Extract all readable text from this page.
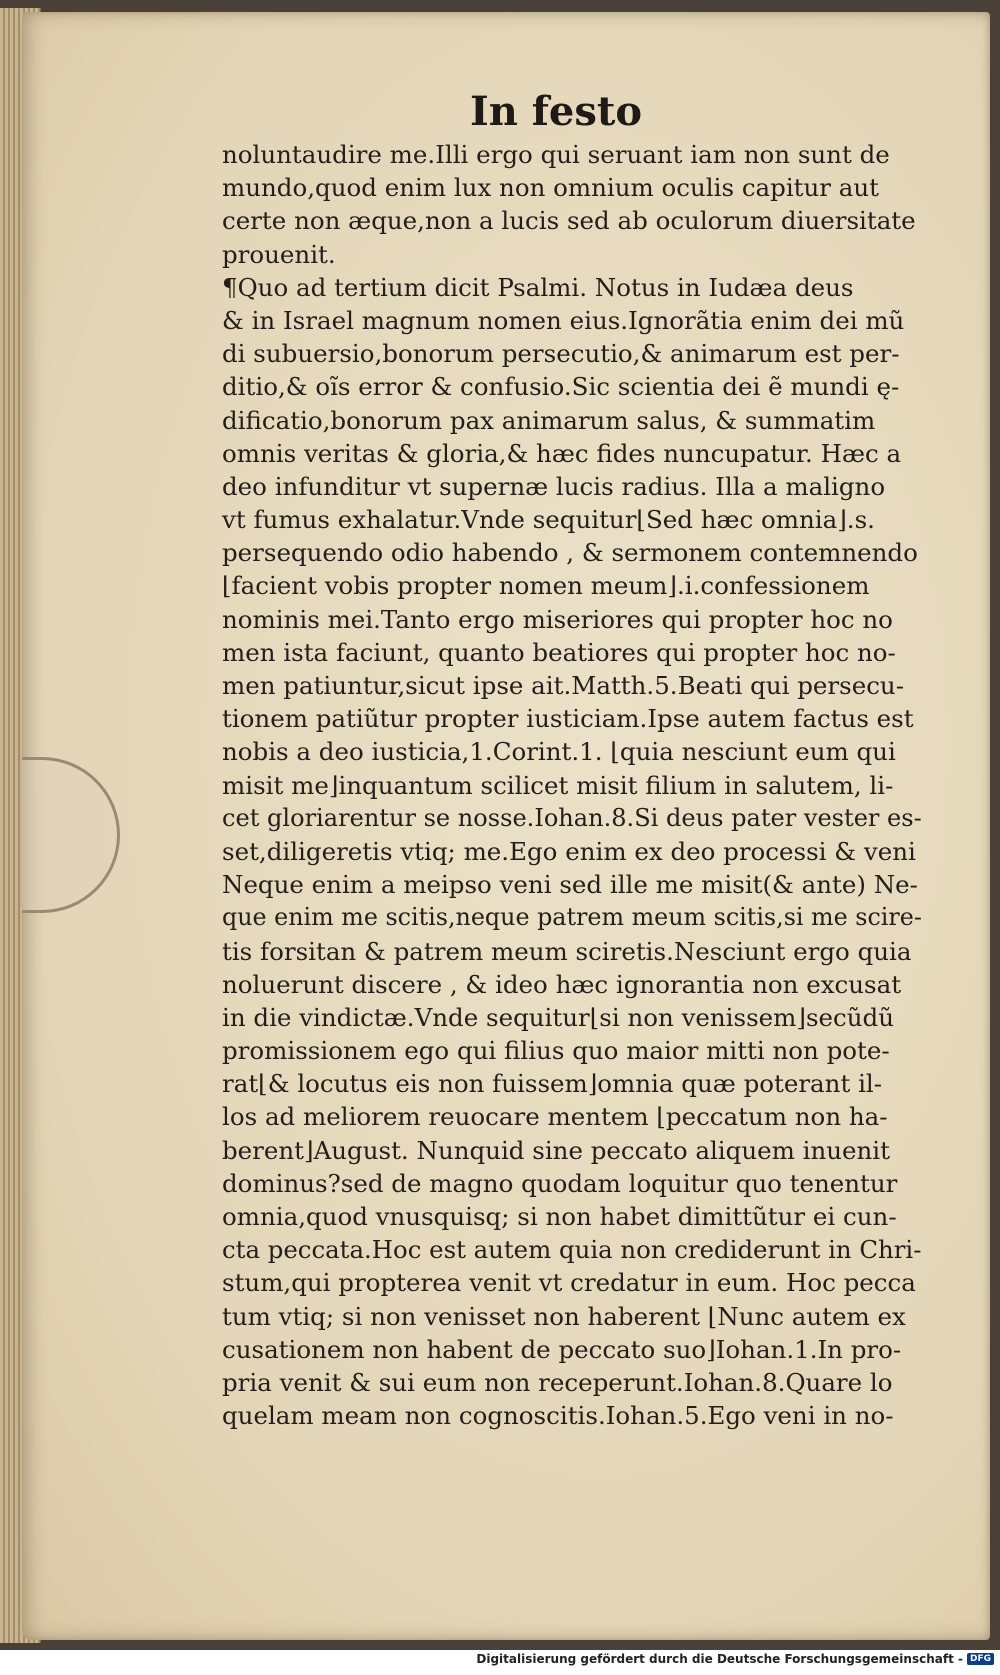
In festo
noluntaudire me.Illi ergo qui seruant iam non sunt de
mundo,quod enim lux non omnium oculis capitur aut
certe non æque,non a lucis sed ab oculorum diuersitate
prouenit.
¶Quo ad tertium dicit Psalmi. Notus in Iudæa deus
& in Israel magnum nomen eius.Ignorãtia enim dei mũ
di subuersio,bonorum persecutio,& animarum est per-
ditio,& oĩs error & confusio.Sic scientia dei ẽ mundi ę-
dificatio,bonorum pax animarum salus, & summatim
omnis veritas & gloria,& hæc fides nuncupatur. Hæc a
deo infunditur vt supernæ lucis radius. Illa a maligno
vt fumus exhalatur.Vnde sequitur⌊Sed hæc omnia⌋.s.
persequendo odio habendo , & sermonem contemnendo
⌊facient vobis propter nomen meum⌋.i.confessionem
nominis mei.Tanto ergo miseriores qui propter hoc no
men ista faciunt, quanto beatiores qui propter hoc no-
men patiuntur,sicut ipse ait.Matth.5.Beati qui persecu-
tionem patiũtur propter iusticiam.Ipse autem factus est
nobis a deo iusticia,1.Corint.1. ⌊quia nesciunt eum qui
misit me⌋inquantum scilicet misit filium in salutem, li-
cet gloriarentur se nosse.Iohan.8.Si deus pater vester es-
set,diligeretis vtiq; me.Ego enim ex deo processi & veni
Neque enim a meipso veni sed ille me misit(& ante) Ne-
que enim me scitis,neque patrem meum scitis,si me scire-
tis forsitan & patrem meum sciretis.Nesciunt ergo quia
noluerunt discere , & ideo hæc ignorantia non excusat
in die vindictæ.Vnde sequitur⌊si non venissem⌋secũdũ
promissionem ego qui filius quo maior mitti non pote-
rat⌊& locutus eis non fuissem⌋omnia quæ poterant il-
los ad meliorem reuocare mentem ⌊peccatum non ha-
berent⌋August. Nunquid sine peccato aliquem inuenit
dominus?sed de magno quodam loquitur quo tenentur
omnia,quod vnusquisq; si non habet dimittũtur ei cun-
cta peccata.Hoc est autem quia non crediderunt in Chri-
stum,qui propterea venit vt credatur in eum. Hoc pecca
tum vtiq; si non venisset non haberent ⌊Nunc autem ex
cusationem non habent de peccato suo⌋Iohan.1.In pro-
pria venit & sui eum non receperunt.Iohan.8.Quare lo
quelam meam non cognoscitis.Iohan.5.Ego veni in no-
Digitalisierung gefördert durch die Deutsche Forschungsgemeinschaft - DFG
